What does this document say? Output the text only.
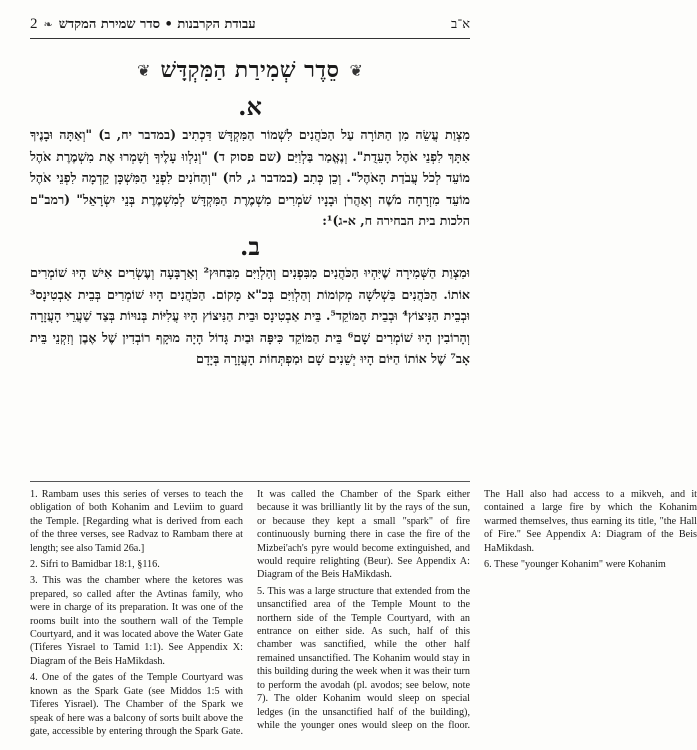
2 ❧ עבודת הקרבנות • סדר שמירת המקדש	א־ב
❦ סֵדֶר שְׁמִירַת הַמִּקְדָּשׁ ❦
א.

מִצְוַת עֲשֵׂה מִן הַתּוֹרָה עַל הַכֹּהֲנִים לִשְׁמוֹר הַמִּקְדָּשׁ דִּכְתִיב (במדבר יח, ב) "וְאַתָּה וּבָנֶיךָ אִתָּךְ לִפְנֵי אֹהֶל הָעֵדֻת". וְנֶאֱמַר בַּלְוִיִּם (שם פסוק ד) "וְנִלְווּ עָלֶיךָ וְשָׁמְרוּ אֶת מִשְׁמֶרֶת אֹהֶל מוֹעֵד לְכֹל עֲבֹדַת הָאֹהֶל". וְכֵן כְּתִב (במדבר ג, לח) "וְהַחֹנִים לִפְנֵי הַמִּשְׁכָּן קֵדְמָה לִפְנֵי אֹהֶל מוֹעֵד מִזְרָחָה מֹשֶׁה וְאַהֲרֹן וּבָנָיו שֹׁמְרִים מִשְׁמֶרֶת הַמִּקְדָּשׁ לְמִשְׁמֶרֶת בְּנֵי יִשְׂרָאֵל" (רמב"ם הלכות בית הבחירה ח, א-ג)¹:

ב.

וּמִצְוַת הַשְּׁמִירָה שֶׁיִּהְיוּ הַכֹּהֲנִים מִבִּפְנִים וְהַלְוִיִּם מִבַּחוּץ² וְאַרְבָּעָה וְעֶשְׂרִים אִישׁ הָיוּ שׁוֹמְרִים אוֹתוֹ. הַכֹּהֲנִים בִּשְׁלֹשָׁה מְקוֹמוֹת וְהַלְוִיִּם בְּכ"א מָקוֹם. הַכֹּהֲנִים הָיוּ שׁוֹמְרִים בְּבֵית אַבְטִינָס³ וּבְבֵית הַנִּיצוֹץ⁴ וּבְבֵית הַמּוֹקֵד⁵. בֵּית אַבְטִינָס וּבֵית הַנִּיצוֹץ הָיוּ עֲלִיּוֹת בְּנוּיוֹת בְּצַד שַׁעֲרֵי הָעֲזָרָה וְהָרוֹבִין הָיוּ שׁוֹמְרִים שָׁם⁶ בֵּית הַמּוֹקֵד כִּיפָּה וּבַיִת גָּדוֹל הָיָה מוּקָף רוֹבְדִין שֶׁל אֶבֶן וְזִקְנֵי בֵּית אָב⁷ שֶׁל אוֹתוֹ הַיּוֹם הָיוּ יְשֵׁנִים שָׁם וּמַפְתְּחוֹת הָעֲזָרָה בְּיָדָם

1. Rambam uses this series of verses to teach the obligation of both Kohanim and Leviim to guard the Temple. [Regarding what is derived from each of the three verses, see Radvaz to Rambam there at length; see also Tamid 26a.]

2. Sifri to Bamidbar 18:1, §116.

3. This was the chamber where the ketores was prepared, so called after the Avtinas family, who were in charge of its preparation. It was one of the rooms built into the southern wall of the Temple Courtyard, and it was located above the Water Gate (Tiferes Yisrael to Tamid 1:1). See Appendix X: Diagram of the Beis HaMikdash.

4. One of the gates of the Temple Courtyard was known as the Spark Gate (see Middos 1:5 with Tiferes Yisrael). The Chamber of the Spark we speak of here was a balcony of sorts built above the gate, accessible by entering through the Spark Gate. It was called the Chamber of the Spark either because it was brilliantly lit by the rays of the sun, or because they kept a small "spark" of fire continuously burning there in case the fire of the Mizbei'ach's pyre would become extinguished, and would require relighting (Beur). See Appendix A: Diagram of the Beis HaMikdash.

5. This was a large structure that extended from the unsanctified area of the Temple Mount to the northern side of the Temple Courtyard, with an entrance on either side. As such, half of this chamber was sanctified, while the other half remained unsanctified. The Kohanim would stay in this building during the week when it was their turn to perform the avodah (pl. avodos; see below, note 7). The older Kohanim would sleep on special ledges (in the unsanctified half of the building), while the younger ones would sleep on the floor. The Hall also had access to a mikveh, and it contained a large fire by which the Kohanim warmed themselves, thus earning its title, "the Hall of Fire." See Appendix A: Diagram of the Beis HaMikdash.

6. These "younger Kohanim" were Kohanim
